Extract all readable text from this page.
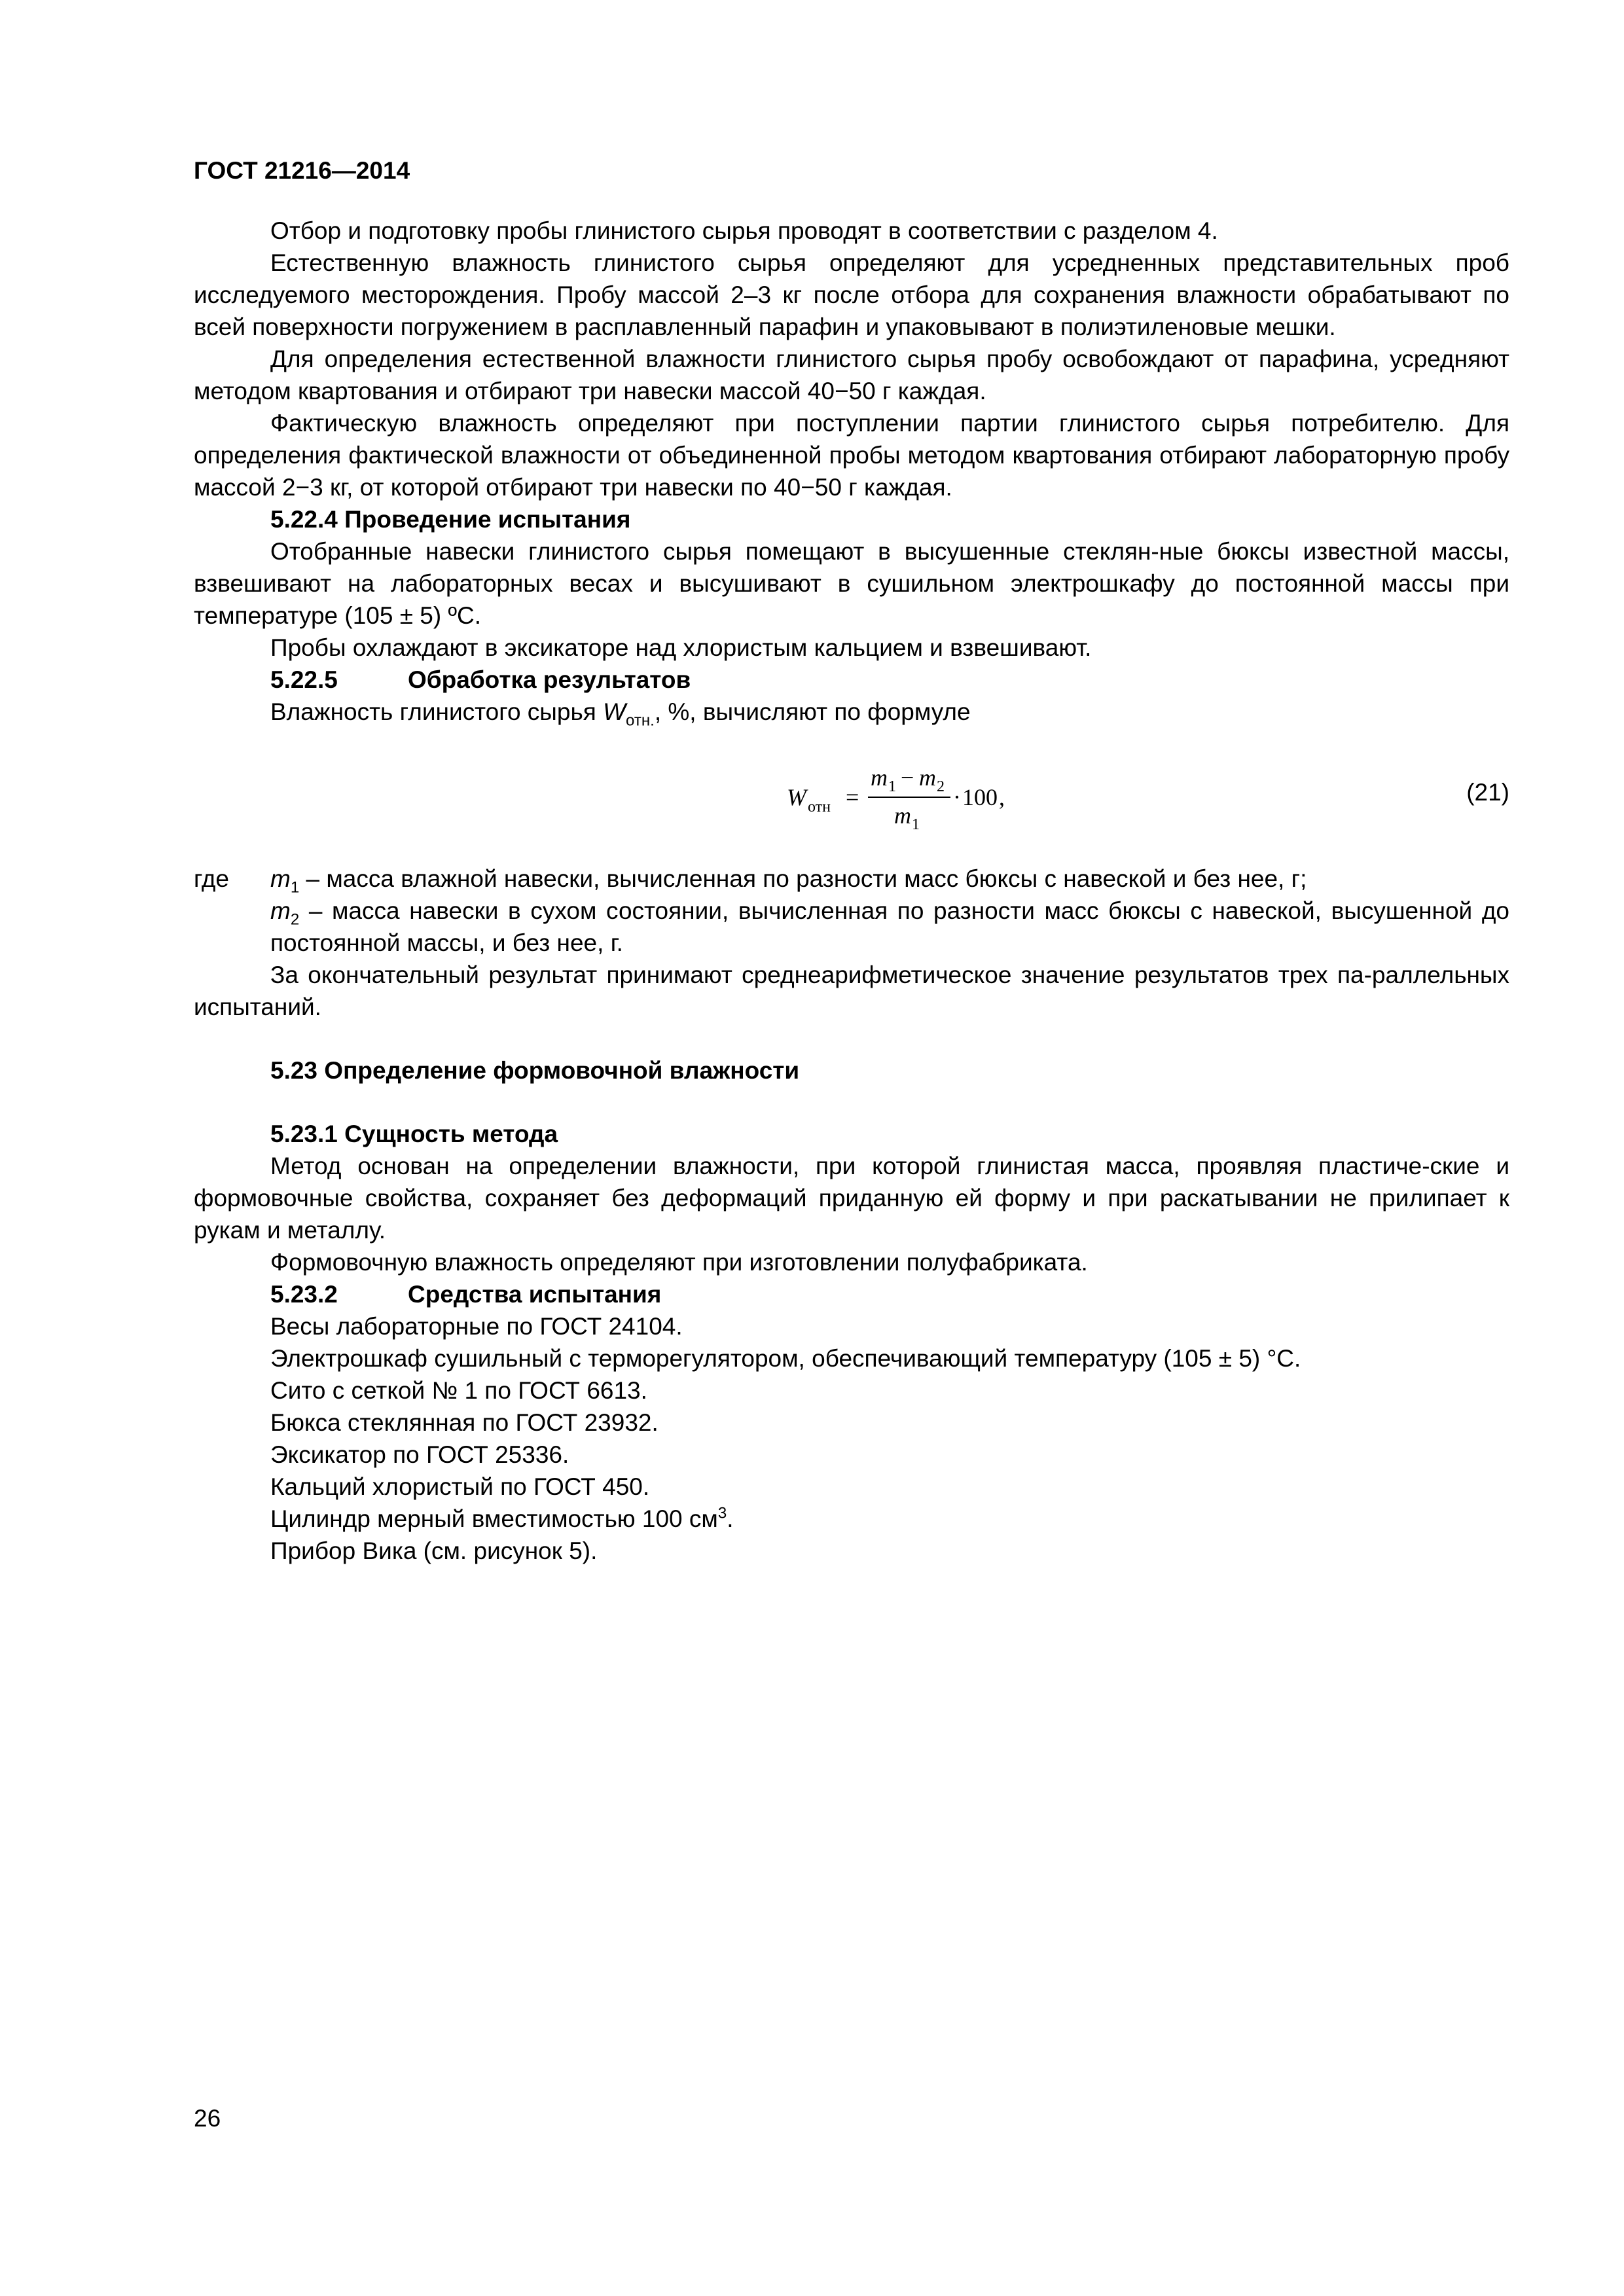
ГОСТ 21216—2014

Отбор и подготовку пробы глинистого сырья проводят в соответствии с разделом 4.

Естественную влажность глинистого сырья определяют для усредненных представительных проб исследуемого месторождения. Пробу массой 2–3 кг после отбора для сохранения влажности обрабатывают по всей поверхности погружением в расплавленный парафин и упаковывают в полиэтиленовые мешки.

Для определения естественной влажности глинистого сырья пробу освобождают от парафина, усредняют методом квартования и отбирают три навески массой 40−50 г каждая.

Фактическую влажность определяют при поступлении партии глинистого сырья потребителю. Для определения фактической влажности от объединенной пробы методом квартования отбирают лабораторную пробу массой 2−3 кг, от которой отбирают три навески по 40−50 г каждая.

5.22.4 Проведение испытания

Отобранные навески глинистого сырья помещают в высушенные стеклян-ные бюксы известной массы, взвешивают на лабораторных весах и высушивают в сушильном электрошкафу до постоянной массы при температуре (105 ± 5) ºС.

Пробы охлаждают в эксикаторе над хлористым кальцием и взвешивают.

5.22.5	Обработка результатов

Влажность глинистого сырья $W_{отн.}$, %, вычисляют по формуле

W отн =
m 1 − m 2
m 1
· 100 ,	(21)
где	$m_1$ – масса влажной навески, вычисленная по разности масс бюксы с навеской и без нее, г;

$m_2$ – масса навески в сухом состоянии, вычисленная по разности масс бюксы с навеской, высушенной до постоянной массы, и без нее, г.

За окончательный результат принимают среднеарифметическое значение результатов трех па-раллельных испытаний.

5.23 Определение формовочной влажности

5.23.1 Сущность метода

Метод основан на определении влажности, при которой глинистая масса, проявляя пластиче-ские и формовочные свойства, сохраняет без деформаций приданную ей форму и при раскатывании не прилипает к рукам и металлу.

Формовочную влажность определяют при изготовлении полуфабриката.

5.23.2	Средства испытания

Весы лабораторные по ГОСТ 24104.

Электрошкаф сушильный с терморегулятором, обеспечивающий температуру (105 ± 5) °С.

Сито с сеткой № 1 по ГОСТ 6613.

Бюкса стеклянная по ГОСТ 23932.

Эксикатор по ГОСТ 25336.

Кальций хлористый по ГОСТ 450.

Цилиндр мерный вместимостью 100 $см^3$.

Прибор Вика (см. рисунок 5).

26
